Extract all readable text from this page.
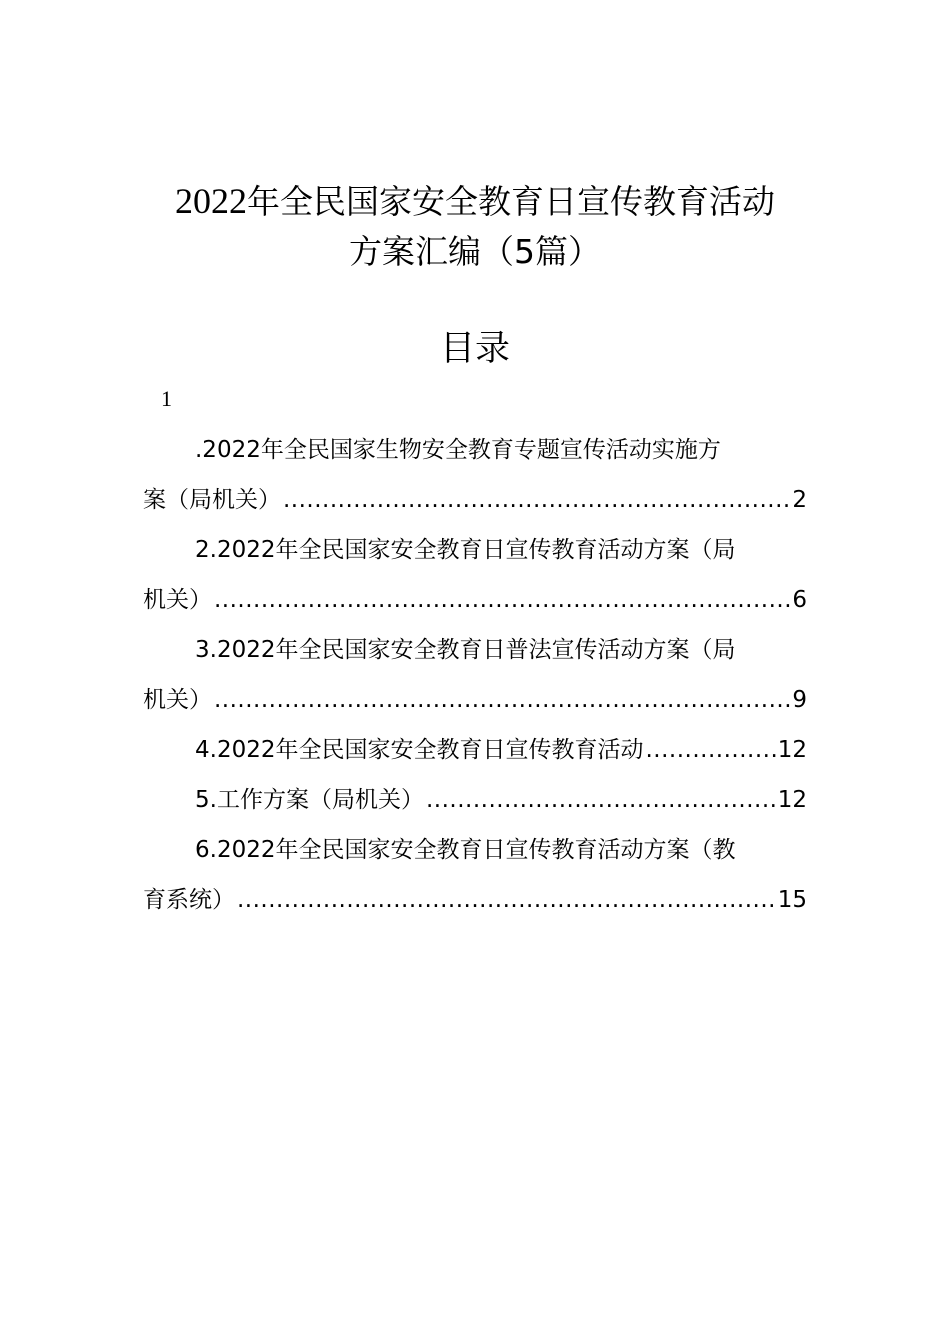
2022年全民国家安全教育日宣传教育活动
方案汇编（5篇）
目录
1
.2022年全民国家生物安全教育专题宣传活动实施方
案（局机关） .....	2
2.2022年全民国家安全教育日宣传教育活动方案（局
机关） .....	6
3.2022年全民国家安全教育日普法宣传活动方案（局
机关） .....	9
4.2022年全民国家安全教育日宣传教育活动 .....	12
5.工作方案（局机关） .....	12
6.2022年全民国家安全教育日宣传教育活动方案（教
育系统） .....	15
